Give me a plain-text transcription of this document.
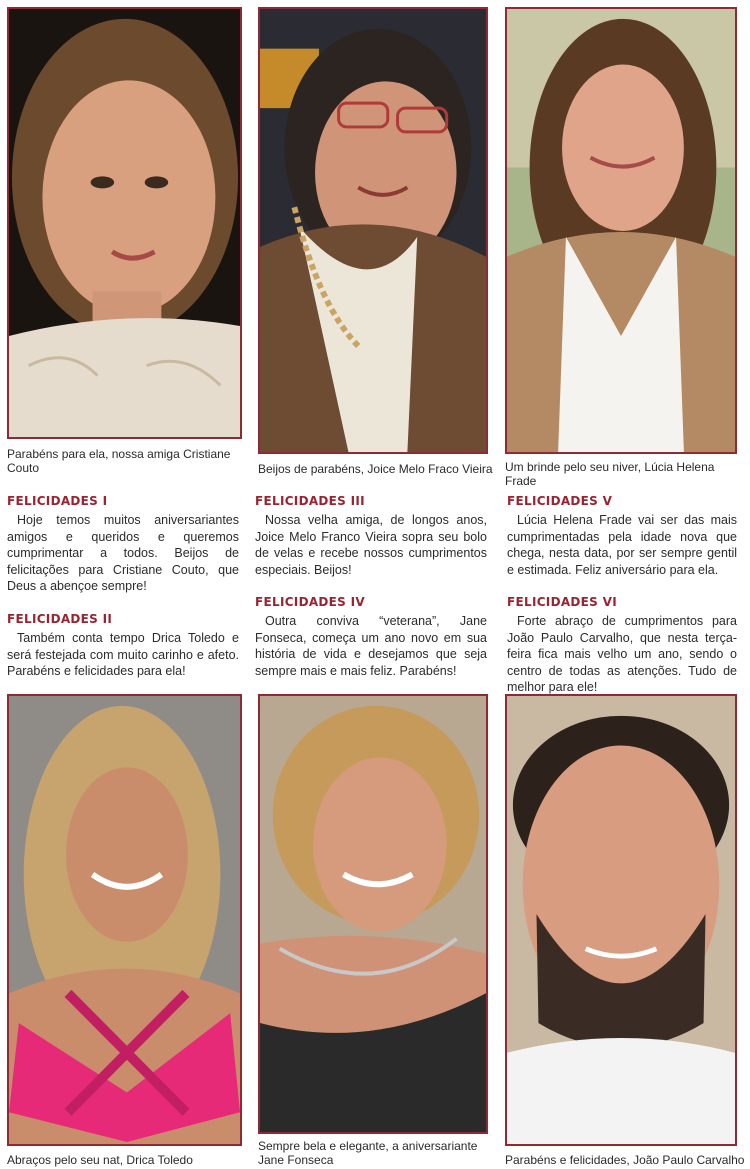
Parabéns para ela, nossa amiga Cristiane Couto	Beijos de parabéns, Joice Melo Fraco Vieira	Um brinde pelo seu niver, Lúcia Helena Frade
FELICIDADES I

Hoje temos muitos aniversariantes amigos e queridos e queremos cumprimentar a todos. Beijos de felicitações para Cristiane Couto, que Deus a abençoe sempre!

FELICIDADES II

Também conta tempo Drica Toledo e será festejada com muito carinho e afeto. Parabéns e felicidades para ela!

FELICIDADES III

Nossa velha amiga, de longos anos, Joice Melo Franco Vieira sopra seu bolo de velas e recebe nossos cumprimentos especiais. Beijos!

FELICIDADES IV

Outra conviva “veterana”, Jane Fonseca, começa um ano novo em sua história de vida e desejamos que seja sempre mais e mais feliz. Parabéns!

FELICIDADES V

Lúcia Helena Frade vai ser das mais cumprimentadas pela idade nova que chega, nesta data, por ser sempre gentil e estimada. Feliz aniversário para ela.

FELICIDADES VI

Forte abraço de cumprimentos para João Paulo Carvalho, que nesta terça-feira fica mais velho um ano, sendo o centro de todas as atenções. Tudo de melhor para ele!

Abraços pelo seu nat, Drica Toledo
Sempre bela e elegante, a aniversariante Jane Fonseca	Parabéns e felicidades, João Paulo Carvalho
